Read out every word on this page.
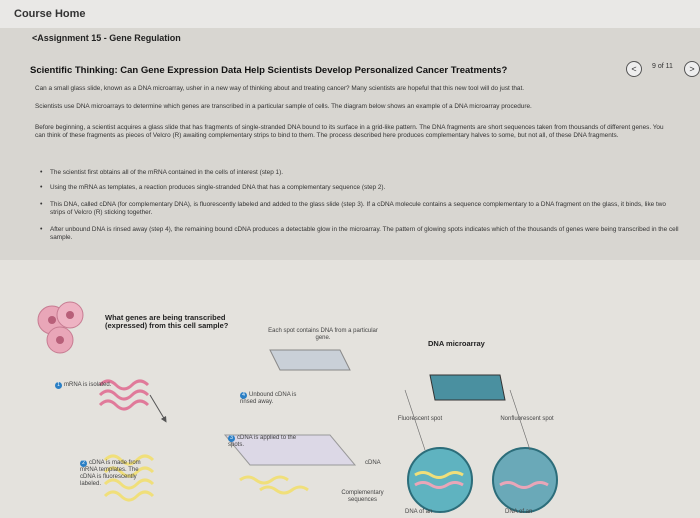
Course Home
<Assignment 15 - Gene Regulation
Scientific Thinking: Can Gene Expression Data Help Scientists Develop Personalized Cancer Treatments?	<	9 of 11	>
Can a small glass slide, known as a DNA microarray, usher in a new way of thinking about and treating cancer? Many scientists are hopeful that this new tool will do just that.
Scientists use DNA microarrays to determine which genes are transcribed in a particular sample of cells. The diagram below shows an example of a DNA microarray procedure.
Before beginning, a scientist acquires a glass slide that has fragments of single-stranded DNA bound to its surface in a grid-like pattern. The DNA fragments are short sequences taken from thousands of different genes. You can think of these fragments as pieces of Velcro (R) awaiting complementary strips to bind to them. The process described here produces complementary halves to some, but not all, of these DNA fragments.
• The scientist first obtains all of the mRNA contained in the cells of interest (step 1).
• Using the mRNA as templates, a reaction produces single-stranded DNA that has a complementary sequence (step 2).
• This DNA, called cDNA (for complementary DNA), is fluorescently labeled and added to the glass slide (step 3). If a cDNA molecule contains a sequence complementary to a DNA fragment on the glass, it binds, like two strips of Velcro (R) sticking together.
• After unbound DNA is rinsed away (step 4), the remaining bound cDNA produces a detectable glow in the microarray. The pattern of glowing spots indicates which of the thousands of genes were being transcribed in the cell sample.
What genes are being transcribed (expressed) from this cell sample?
Each spot contains DNA from a particular gene.
DNA microarray
1 mRNA is isolated.
4 Unbound cDNA is rinsed away.
3 cDNA is applied to the spots.
2 cDNA is made from mRNA templates. The cDNA is fluorescently labeled.
Fluorescent spot	Nonfluorescent spot
cDNA
Complementary sequences
DNA of an	DNA of an
